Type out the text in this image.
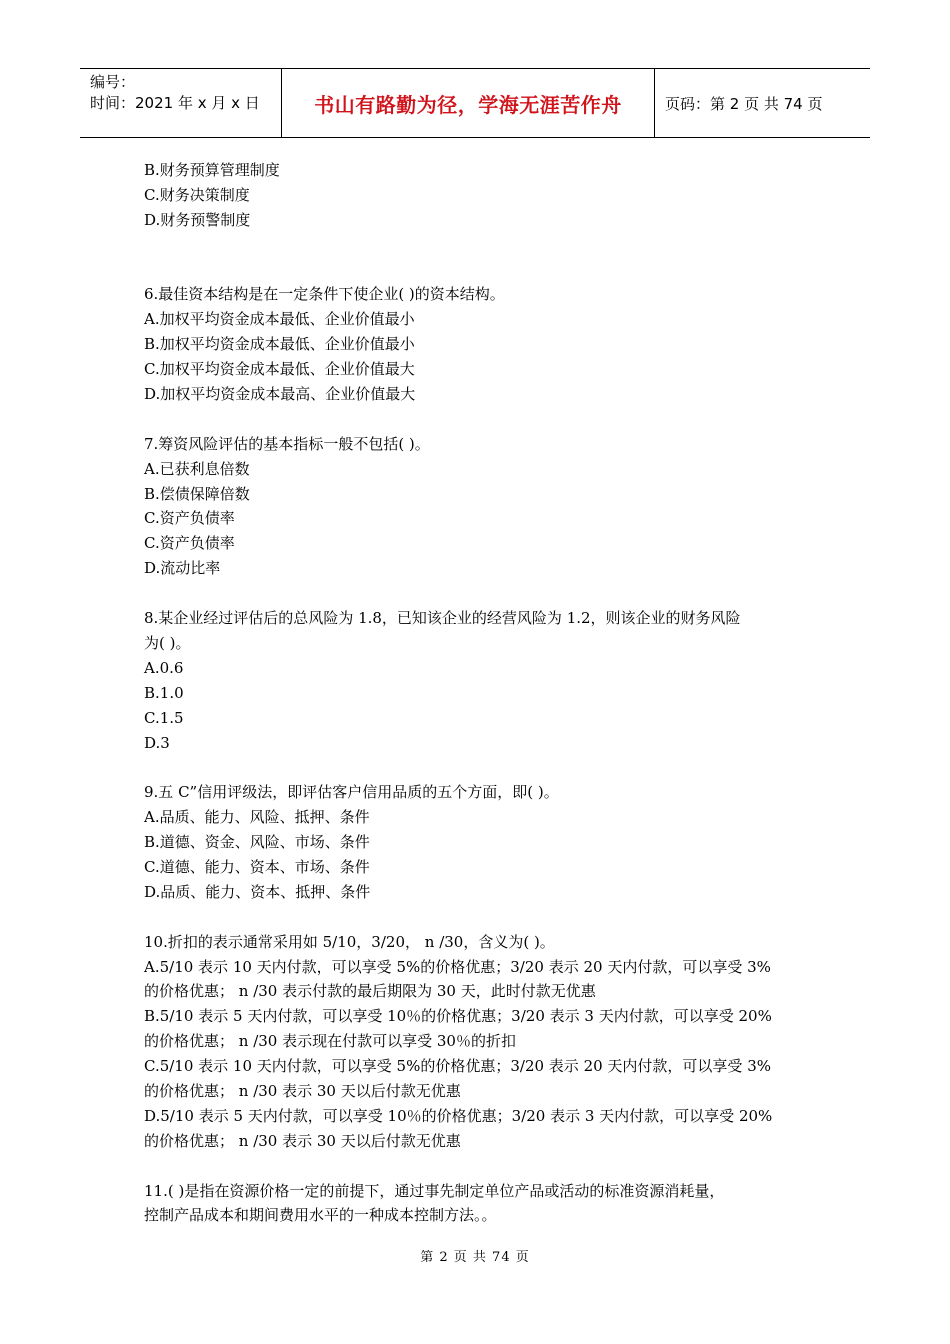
编号：
时间：2021 年 x 月 x 日	书山有路勤为径，学海无涯苦作舟	页码：第 2 页 共 74 页
B.财务预算管理制度
C.财务决策制度
D.财务预警制度
6.最佳资本结构是在一定条件下使企业( )的资本结构。
A.加权平均资金成本最低、企业价值最小
B.加权平均资金成本最低、企业价值最小
C.加权平均资金成本最低、企业价值最大
D.加权平均资金成本最高、企业价值最大
7.筹资风险评估的基本指标一般不包括( )。
A.已获利息倍数
B.偿债保障倍数
C.资产负债率
C.资产负债率
D.流动比率
8.某企业经过评估后的总风险为 1.8，已知该企业的经营风险为 1.2，则该企业的财务风险
为( )。
A.0.6
B.1.0
C.1.5
D.3
9.五 C”信用评级法，即评估客户信用品质的五个方面，即( )。
A.品质、能力、风险、抵押、条件
B.道德、资金、风险、市场、条件
C.道德、能力、资本、市场、条件
D.品质、能力、资本、抵押、条件
10.折扣的表示通常采用如 5/10，3/20， n /30，含义为( )。
A.5/10 表示 10 天内付款，可以享受 5%的价格优惠；3/20 表示 20 天内付款，可以享受 3%
的价格优惠； n /30 表示付款的最后期限为 30 天，此时付款无优惠
B.5/10 表示 5 天内付款，可以享受 10％的价格优惠；3/20 表示 3 天内付款，可以享受 20%
的价格优惠； n /30 表示现在付款可以享受 30％的折扣
C.5/10 表示 10 天内付款，可以享受 5%的价格优惠；3/20 表示 20 天内付款，可以享受 3%
的价格优惠； n /30 表示 30 天以后付款无优惠
D.5/10 表示 5 天内付款，可以享受 10％的价格优惠；3/20 表示 3 天内付款，可以享受 20%
的价格优惠； n /30 表示 30 天以后付款无优惠
11.( )是指在资源价格一定的前提下，通过事先制定单位产品或活动的标准资源消耗量，
控制产品成本和期间费用水平的一种成本控制方法。。
第 2 页 共 74 页
